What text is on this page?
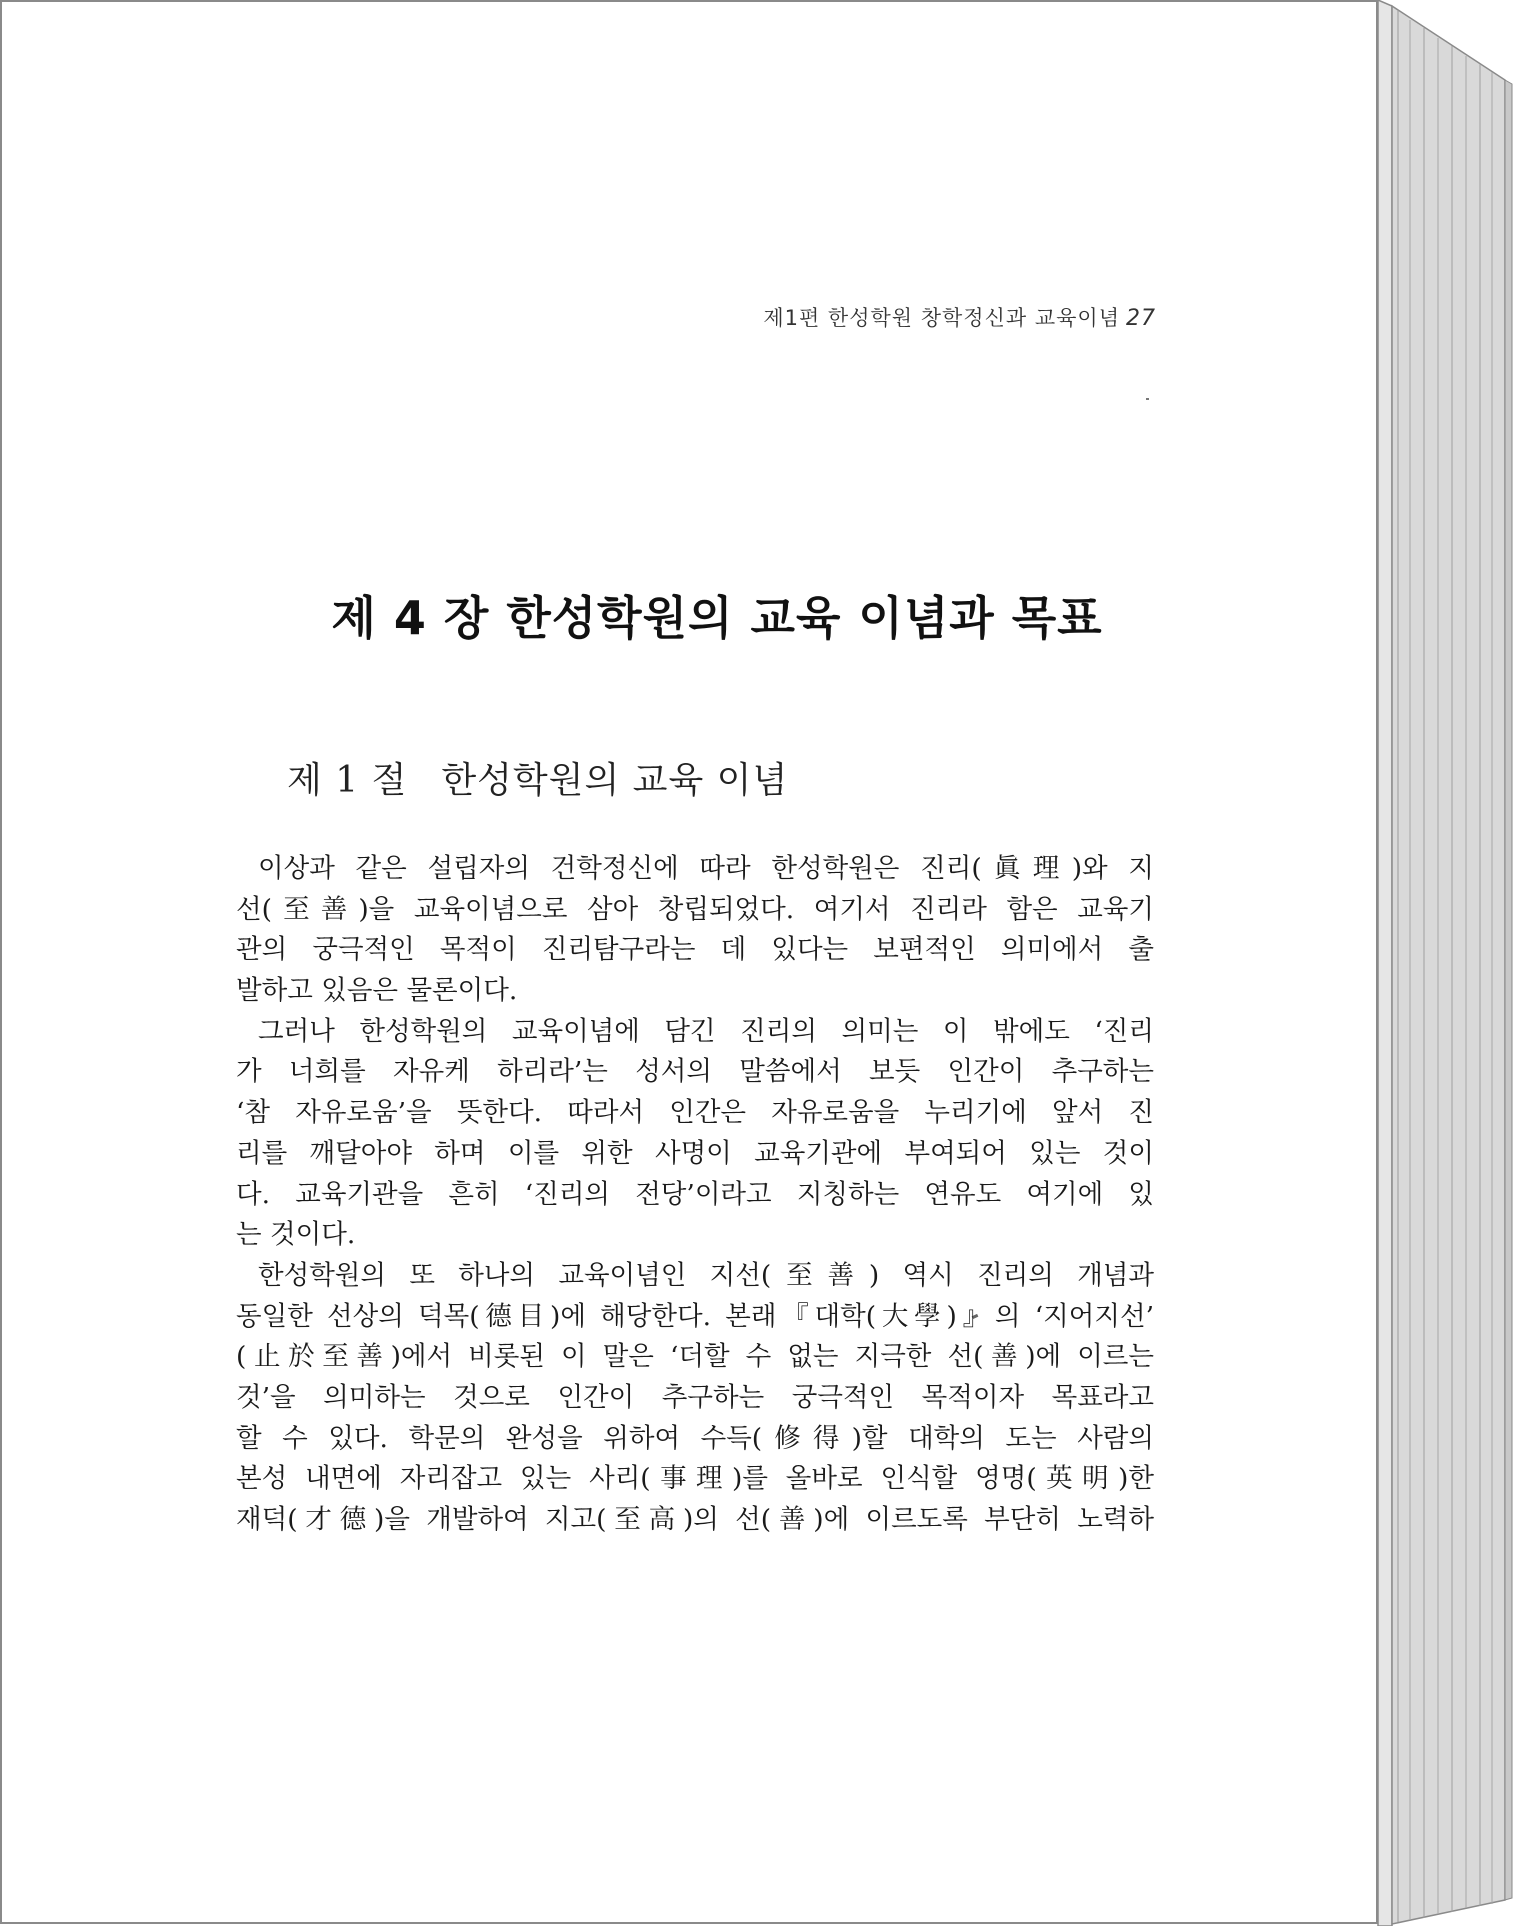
제1편 한성학원 창학정신과 교육이념 27
제 4 장 한성학원의 교육 이념과 목표
제 1 절 한성학원의 교육 이념
이상과 같은 설립자의 건학정신에 따라 한성학원은 진리(眞理)와 지
선(至善)을 교육이념으로 삼아 창립되었다. 여기서 진리라 함은 교육기
관의 궁극적인 목적이 진리탐구라는 데 있다는 보편적인 의미에서 출
발하고 있음은 물론이다.
그러나 한성학원의 교육이념에 담긴 진리의 의미는 이 밖에도 ‘진리
가 너희를 자유케 하리라’는 성서의 말씀에서 보듯 인간이 추구하는
‘참 자유로움’을 뜻한다. 따라서 인간은 자유로움을 누리기에 앞서 진
리를 깨달아야 하며 이를 위한 사명이 교육기관에 부여되어 있는 것이
다. 교육기관을 흔히 ‘진리의 전당’이라고 지칭하는 연유도 여기에 있
는 것이다.
한성학원의 또 하나의 교육이념인 지선(至善) 역시 진리의 개념과
동일한 선상의 덕목(德目)에 해당한다. 본래『대학(大學)』의 ‘지어지선’
(止於至善)에서 비롯된 이 말은 ‘더할 수 없는 지극한 선(善)에 이르는
것’을 의미하는 것으로 인간이 추구하는 궁극적인 목적이자 목표라고
할 수 있다. 학문의 완성을 위하여 수득(修得)할 대학의 도는 사람의
본성 내면에 자리잡고 있는 사리(事理)를 올바로 인식할 영명(英明)한
재덕(才德)을 개발하여 지고(至高)의 선(善)에 이르도록 부단히 노력하
